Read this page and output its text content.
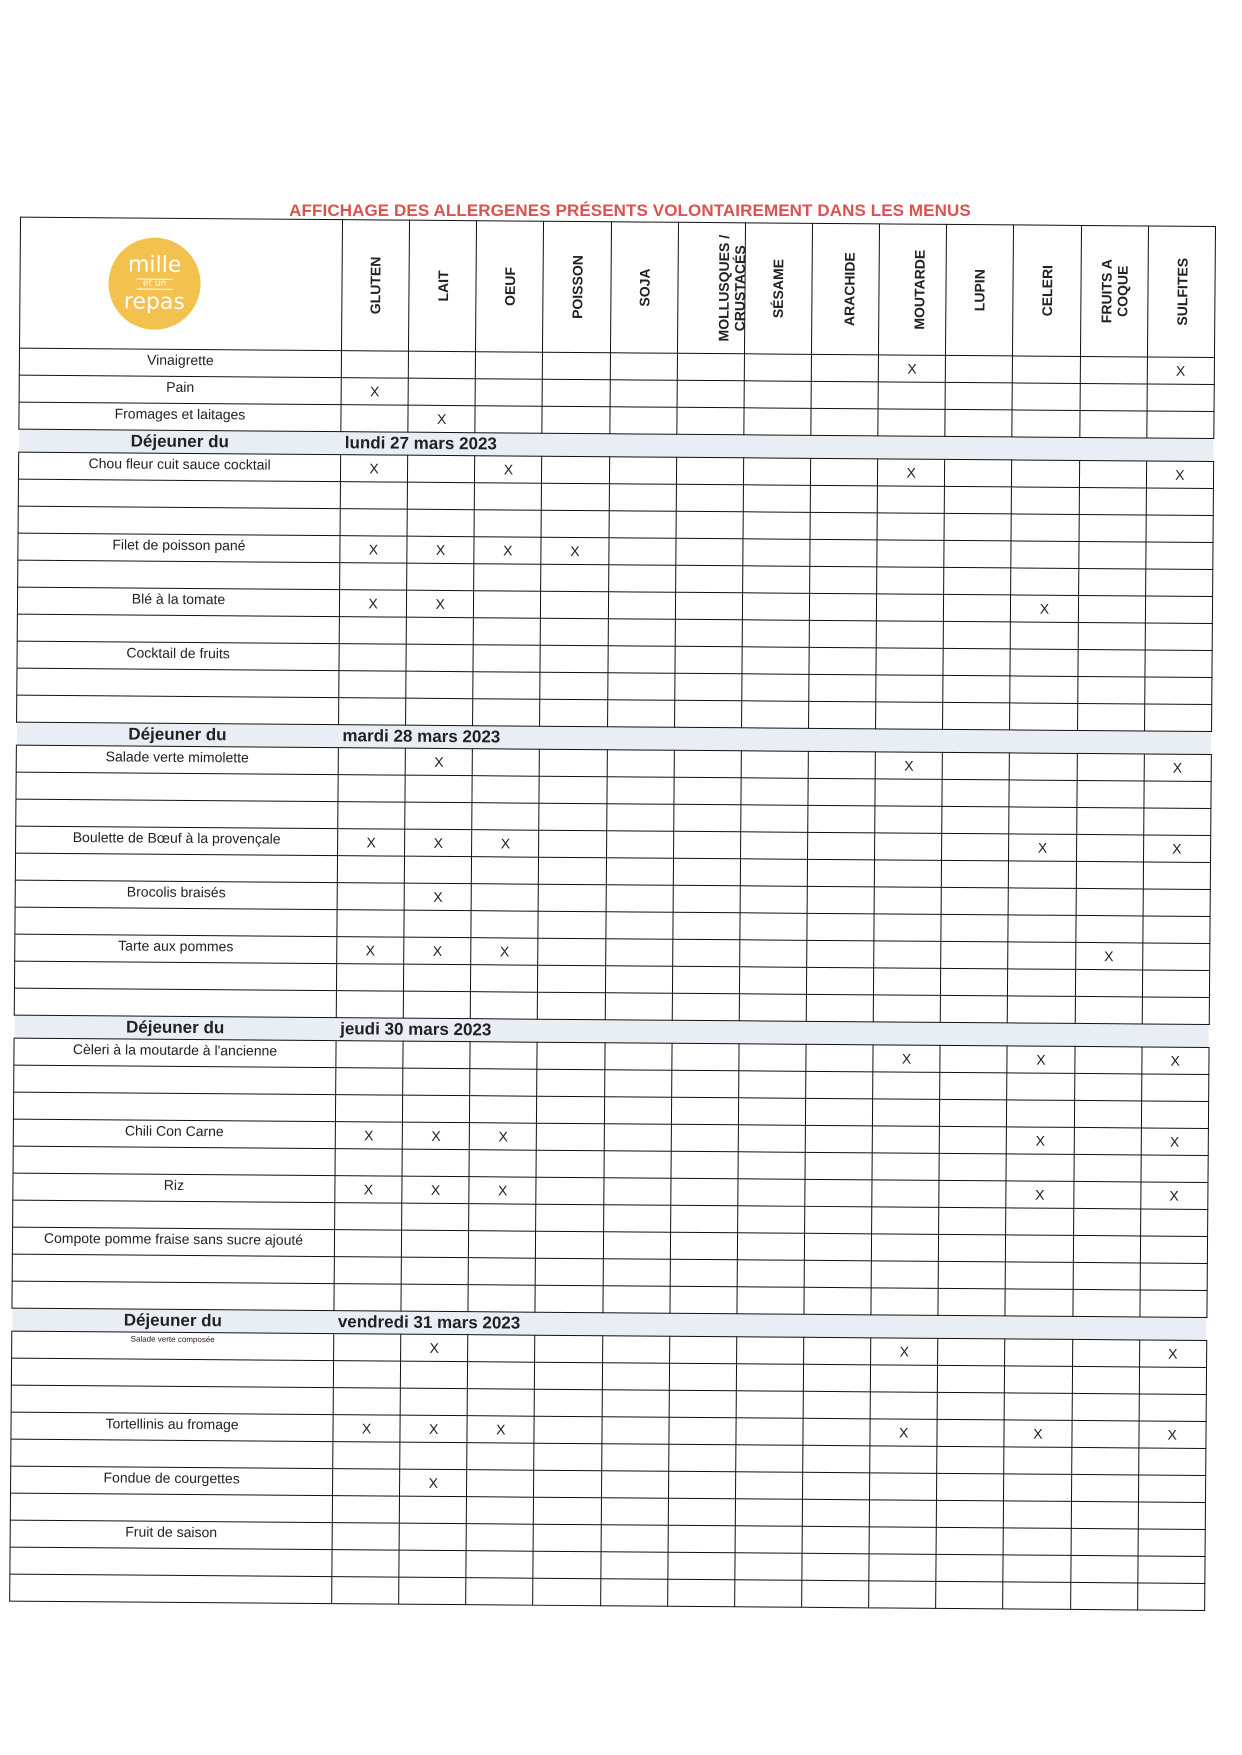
AFFICHAGE DES ALLERGENES PRÉSENTS VOLONTAIREMENT DANS LES MENUS
mille
et un
repas	GLUTEN	LAIT	OEUF	POISSON	SOJA	MOLLUSQUES / CRUSTACÉS	SÉSAME	ARACHIDE	MOUTARDE	LUPIN	CELERI	FRUITS A COQUE	SULFITES

Vinaigrette									X				X
Pain	X												
Fromages et laitages		X											
Déjeuner du	lundi 27 mars 2023												
Chou fleur cuit sauce cocktail	X		X						X				X

Filet de poisson pané	X	X	X	X									

Blé à la tomate	X	X									X		

Cocktail de fruits													

Déjeuner du	mardi 28 mars 2023												
Salade verte mimolette		X							X				X

Boulette de Bœuf à la provençale	X	X	X								X		X

Brocolis braisés		X											

Tarte aux pommes	X	X	X									X	

Déjeuner du	jeudi 30 mars 2023												
Cèleri à la moutarde à l'ancienne									X		X		X

Chili Con Carne	X	X	X								X		X

Riz	X	X	X								X		X

Compote pomme fraise sans sucre ajouté													

Déjeuner du	vendredi 31 mars 2023												
Salade verte composée		X							X				X

Tortellinis au fromage	X	X	X						X		X		X

Fondue de courgettes		X											

Fruit de saison													
